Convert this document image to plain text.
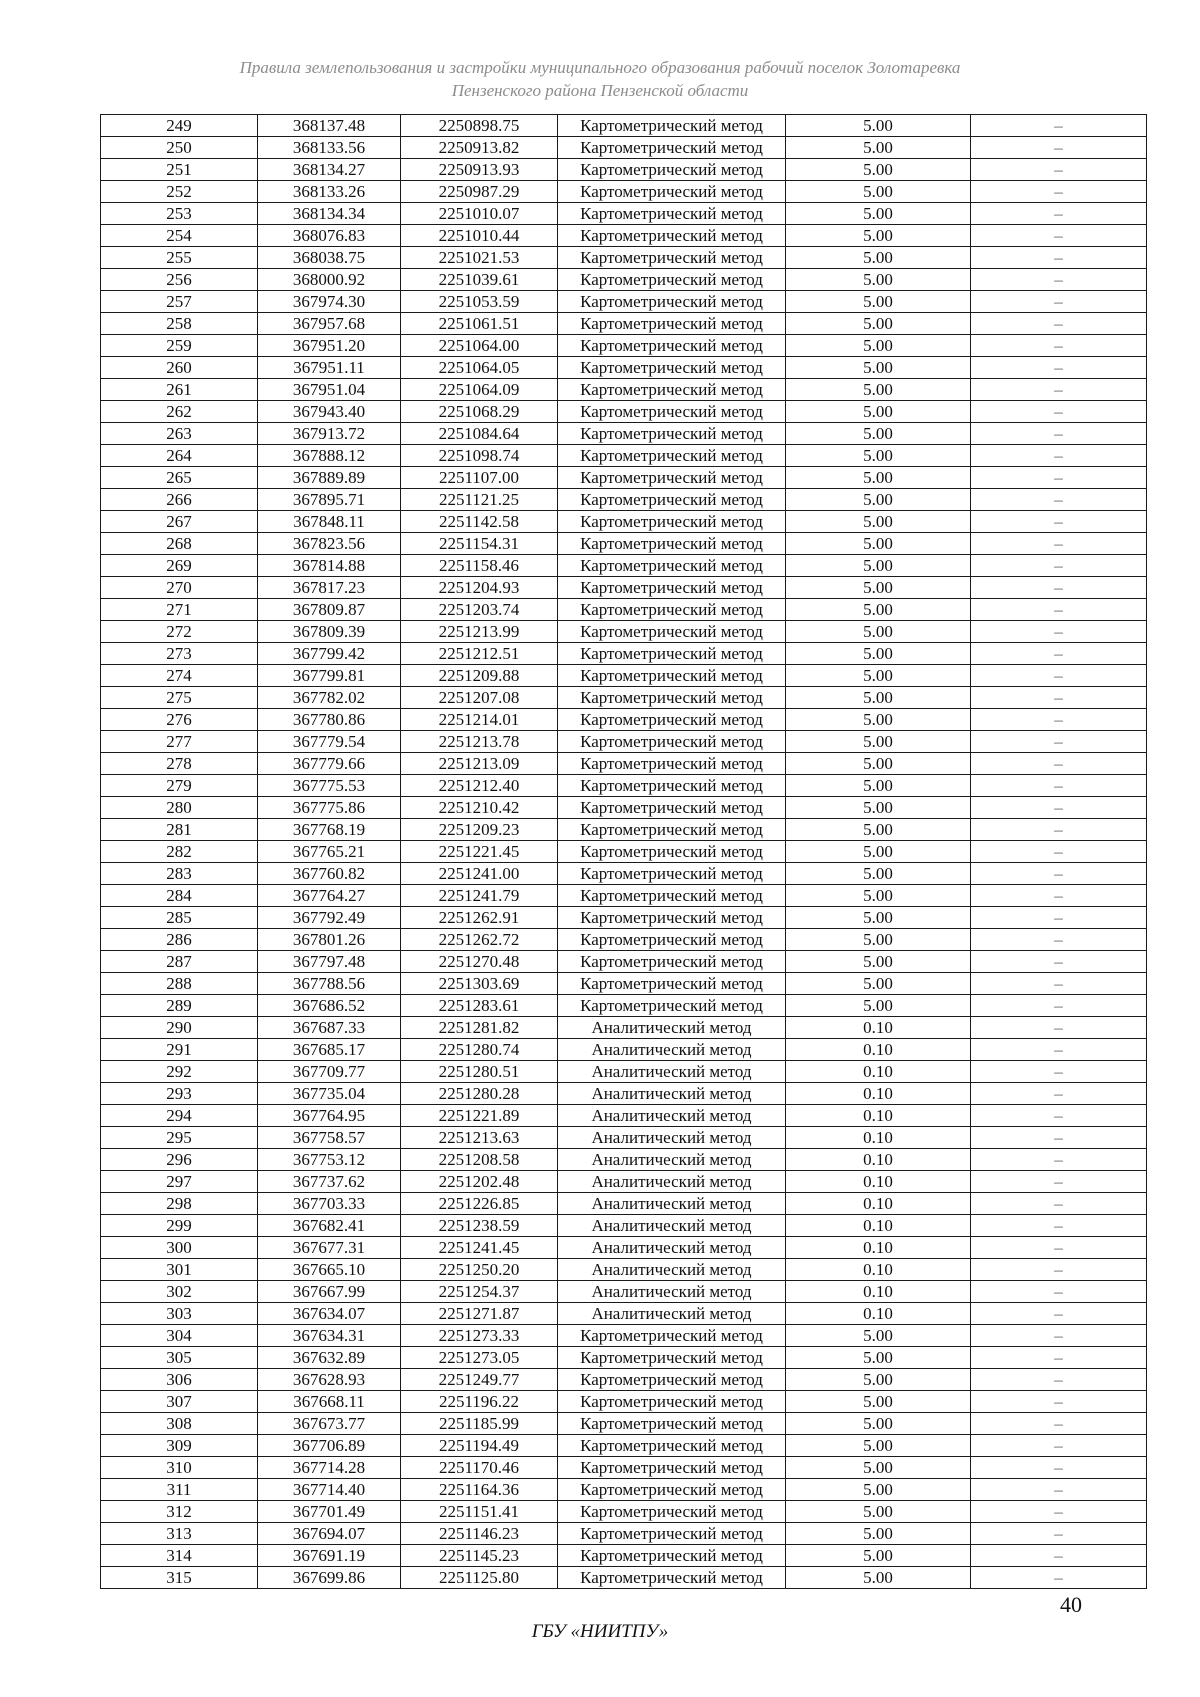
Правила землепользования и застройки муниципального образования рабочий поселок Золотаревка
Пензенского района Пензенской области
249	368137.48	2250898.75	Картометрический метод	5.00	–
250	368133.56	2250913.82	Картометрический метод	5.00	–
251	368134.27	2250913.93	Картометрический метод	5.00	–
252	368133.26	2250987.29	Картометрический метод	5.00	–
253	368134.34	2251010.07	Картометрический метод	5.00	–
254	368076.83	2251010.44	Картометрический метод	5.00	–
255	368038.75	2251021.53	Картометрический метод	5.00	–
256	368000.92	2251039.61	Картометрический метод	5.00	–
257	367974.30	2251053.59	Картометрический метод	5.00	–
258	367957.68	2251061.51	Картометрический метод	5.00	–
259	367951.20	2251064.00	Картометрический метод	5.00	–
260	367951.11	2251064.05	Картометрический метод	5.00	–
261	367951.04	2251064.09	Картометрический метод	5.00	–
262	367943.40	2251068.29	Картометрический метод	5.00	–
263	367913.72	2251084.64	Картометрический метод	5.00	–
264	367888.12	2251098.74	Картометрический метод	5.00	–
265	367889.89	2251107.00	Картометрический метод	5.00	–
266	367895.71	2251121.25	Картометрический метод	5.00	–
267	367848.11	2251142.58	Картометрический метод	5.00	–
268	367823.56	2251154.31	Картометрический метод	5.00	–
269	367814.88	2251158.46	Картометрический метод	5.00	–
270	367817.23	2251204.93	Картометрический метод	5.00	–
271	367809.87	2251203.74	Картометрический метод	5.00	–
272	367809.39	2251213.99	Картометрический метод	5.00	–
273	367799.42	2251212.51	Картометрический метод	5.00	–
274	367799.81	2251209.88	Картометрический метод	5.00	–
275	367782.02	2251207.08	Картометрический метод	5.00	–
276	367780.86	2251214.01	Картометрический метод	5.00	–
277	367779.54	2251213.78	Картометрический метод	5.00	–
278	367779.66	2251213.09	Картометрический метод	5.00	–
279	367775.53	2251212.40	Картометрический метод	5.00	–
280	367775.86	2251210.42	Картометрический метод	5.00	–
281	367768.19	2251209.23	Картометрический метод	5.00	–
282	367765.21	2251221.45	Картометрический метод	5.00	–
283	367760.82	2251241.00	Картометрический метод	5.00	–
284	367764.27	2251241.79	Картометрический метод	5.00	–
285	367792.49	2251262.91	Картометрический метод	5.00	–
286	367801.26	2251262.72	Картометрический метод	5.00	–
287	367797.48	2251270.48	Картометрический метод	5.00	–
288	367788.56	2251303.69	Картометрический метод	5.00	–
289	367686.52	2251283.61	Картометрический метод	5.00	–
290	367687.33	2251281.82	Аналитический метод	0.10	–
291	367685.17	2251280.74	Аналитический метод	0.10	–
292	367709.77	2251280.51	Аналитический метод	0.10	–
293	367735.04	2251280.28	Аналитический метод	0.10	–
294	367764.95	2251221.89	Аналитический метод	0.10	–
295	367758.57	2251213.63	Аналитический метод	0.10	–
296	367753.12	2251208.58	Аналитический метод	0.10	–
297	367737.62	2251202.48	Аналитический метод	0.10	–
298	367703.33	2251226.85	Аналитический метод	0.10	–
299	367682.41	2251238.59	Аналитический метод	0.10	–
300	367677.31	2251241.45	Аналитический метод	0.10	–
301	367665.10	2251250.20	Аналитический метод	0.10	–
302	367667.99	2251254.37	Аналитический метод	0.10	–
303	367634.07	2251271.87	Аналитический метод	0.10	–
304	367634.31	2251273.33	Картометрический метод	5.00	–
305	367632.89	2251273.05	Картометрический метод	5.00	–
306	367628.93	2251249.77	Картометрический метод	5.00	–
307	367668.11	2251196.22	Картометрический метод	5.00	–
308	367673.77	2251185.99	Картометрический метод	5.00	–
309	367706.89	2251194.49	Картометрический метод	5.00	–
310	367714.28	2251170.46	Картометрический метод	5.00	–
311	367714.40	2251164.36	Картометрический метод	5.00	–
312	367701.49	2251151.41	Картометрический метод	5.00	–
313	367694.07	2251146.23	Картометрический метод	5.00	–
314	367691.19	2251145.23	Картометрический метод	5.00	–
315	367699.86	2251125.80	Картометрический метод	5.00	–
40
ГБУ «НИИТПУ»
